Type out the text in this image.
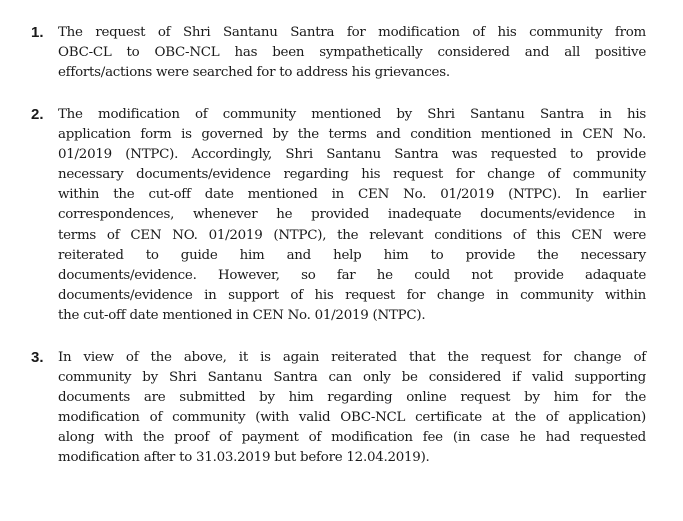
1. The request of Shri Santanu Santra for modification of his community from
OBC-CL to OBC-NCL has been sympathetically considered and all positive
efforts/actions were searched for to address his grievances.

2. The modification of community mentioned by Shri Santanu Santra in his
application form is governed by the terms and condition mentioned in CEN No.
01/2019 (NTPC). Accordingly, Shri Santanu Santra was requested to provide
necessary documents/evidence regarding his request for change of community
within the cut-off date mentioned in CEN No. 01/2019 (NTPC). In earlier
correspondences, whenever he provided inadequate documents/evidence in
terms of CEN NO. 01/2019 (NTPC), the relevant conditions of this CEN were
reiterated to guide him and help him to provide the necessary
documents/evidence. However, so far he could not provide adaquate
documents/evidence in support of his request for change in community within
the cut-off date mentioned in CEN No. 01/2019 (NTPC).

3. In view of the above, it is again reiterated that the request for change of
community by Shri Santanu Santra can only be considered if valid supporting
documents are submitted by him regarding online request by him for the
modification of community (with valid OBC-NCL certificate at the of application)
along with the proof of payment of modification fee (in case he had requested
modification after to 31.03.2019 but before 12.04.2019).
